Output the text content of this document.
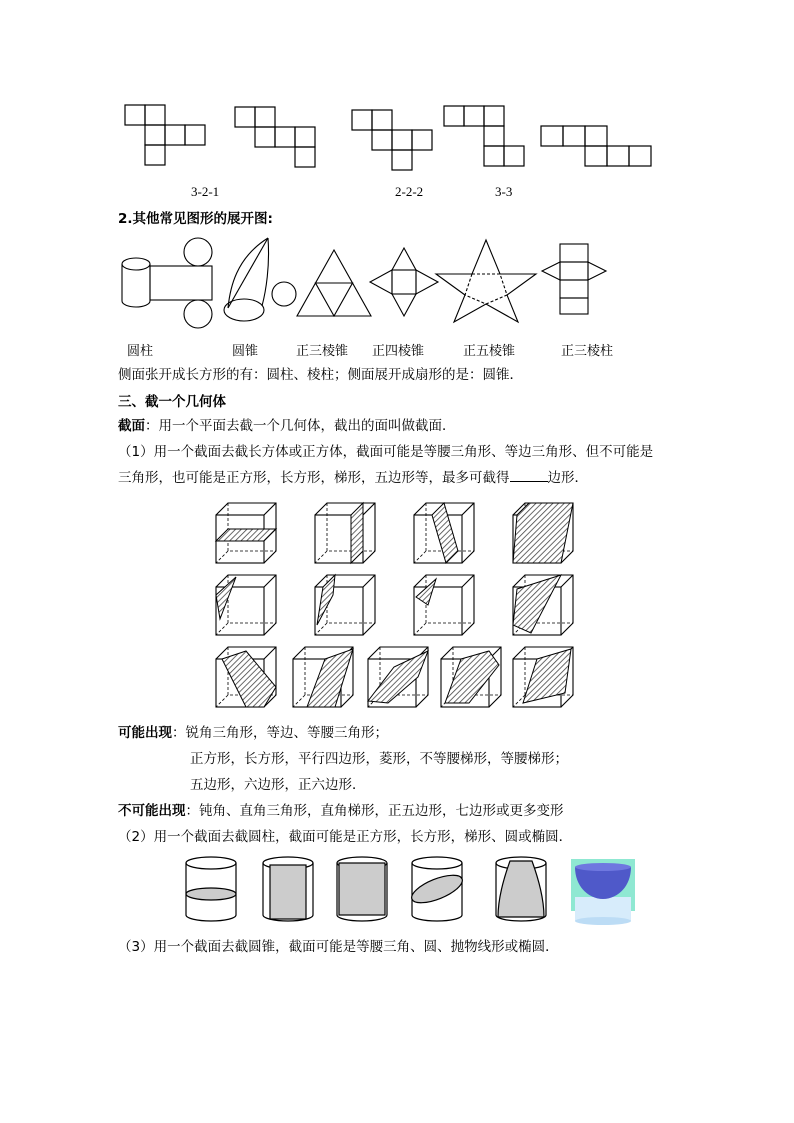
3-2-1	2-2-2	3-3
2.其他常见图形的展开图:
圆柱	圆锥	正三棱锥 正四棱锥	正五棱锥	正三棱柱
侧面张开成长方形的有：圆柱、棱柱；侧面展开成扇形的是：圆锥．
三、截一个几何体
截面：用一个平面去截一个几何体，截出的面叫做截面．
（1）用一个截面去截长方体或正方体，截面可能是等腰三角形、等边三角形、但不可能是
三角形，也可能是正方形，长方形，梯形，五边形等，最多可截得	边形．
可能出现：锐角三角形，等边、等腰三角形；
正方形，长方形，平行四边形，菱形，不等腰梯形，等腰梯形；
五边形，六边形，正六边形．
不可能出现：钝角、直角三角形，直角梯形，正五边形，七边形或更多变形
（2）用一个截面去截圆柱，截面可能是正方形，长方形，梯形、圆或椭圆．
（3）用一个截面去截圆锥，截面可能是等腰三角、圆、抛物线形或椭圆．
